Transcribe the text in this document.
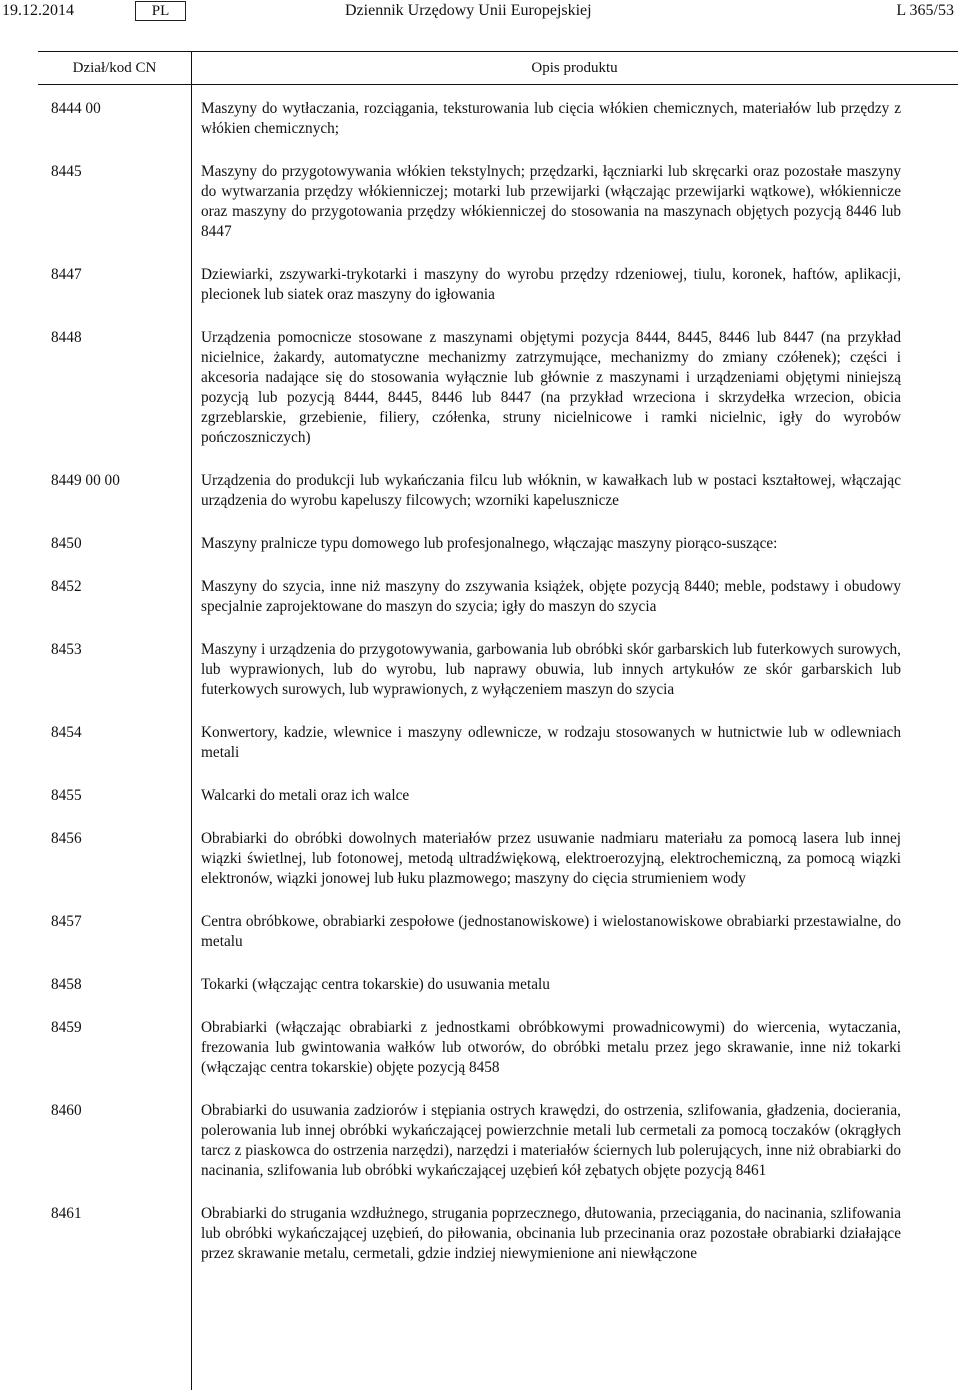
19.12.2014	PL	Dziennik Urzędowy Unii Europejskiej	L 365/53
Dział/kod CN	Opis produktu
8444 00	Maszyny do wytłaczania, rozciągania, teksturowania lub cięcia włókien chemicznych, materiałów lub przędzy z włókien chemicznych;
8445	Maszyny do przygotowywania włókien tekstylnych; przędzarki, łączniarki lub skręcarki oraz pozostałe maszyny do wytwarzania przędzy włókienniczej; motarki lub przewijarki (włączając przewijarki wątkowe), włókiennicze oraz maszyny do przygotowania przędzy włókienniczej do stosowania na maszynach objętych pozycją 8446 lub 8447
8447	Dziewiarki, zszywarki-trykotarki i maszyny do wyrobu przędzy rdzeniowej, tiulu, koronek, haftów, aplikacji, plecionek lub siatek oraz maszyny do igłowania
8448	Urządzenia pomocnicze stosowane z maszynami objętymi pozycja 8444, 8445, 8446 lub 8447 (na przykład nicielnice, żakardy, automatyczne mechanizmy zatrzymujące, mechanizmy do zmiany czółenek); części i akcesoria nadające się do stosowania wyłącznie lub głównie z maszynami i urządzeniami objętymi niniejszą pozycją lub pozycją 8444, 8445, 8446 lub 8447 (na przykład wrzeciona i skrzydełka wrzecion, obicia zgrzeblarskie, grzebienie, filiery, czółenka, struny nicielnicowe i ramki nicielnic, igły do wyrobów pończoszniczych)
8449 00 00	Urządzenia do produkcji lub wykańczania filcu lub włóknin, w kawałkach lub w postaci kształtowej, włączając urządzenia do wyrobu kapeluszy filcowych; wzorniki kapelusznicze
8450	Maszyny pralnicze typu domowego lub profesjonalnego, włączając maszyny piorąco-suszące:
8452	Maszyny do szycia, inne niż maszyny do zszywania książek, objęte pozycją 8440; meble, podstawy i obudowy specjalnie zaprojektowane do maszyn do szycia; igły do maszyn do szycia
8453	Maszyny i urządzenia do przygotowywania, garbowania lub obróbki skór garbarskich lub futerkowych surowych, lub wyprawionych, lub do wyrobu, lub naprawy obuwia, lub innych artykułów ze skór garbarskich lub futerkowych surowych, lub wyprawionych, z wyłączeniem maszyn do szycia
8454	Konwertory, kadzie, wlewnice i maszyny odlewnicze, w rodzaju stosowanych w hutnictwie lub w odlewniach metali
8455	Walcarki do metali oraz ich walce
8456	Obrabiarki do obróbki dowolnych materiałów przez usuwanie nadmiaru materiału za pomocą lasera lub innej wiązki świetlnej, lub fotonowej, metodą ultradźwiękową, elektroerozyjną, elektrochemiczną, za pomocą wiązki elektronów, wiązki jonowej lub łuku plazmowego; maszyny do cięcia strumieniem wody
8457	Centra obróbkowe, obrabiarki zespołowe (jednostanowiskowe) i wielostanowiskowe obrabiarki przestawialne, do metalu
8458	Tokarki (włączając centra tokarskie) do usuwania metalu
8459	Obrabiarki (włączając obrabiarki z jednostkami obróbkowymi prowadnicowymi) do wiercenia, wytaczania, frezowania lub gwintowania wałków lub otworów, do obróbki metalu przez jego skrawanie, inne niż tokarki (włączając centra tokarskie) objęte pozycją 8458
8460	Obrabiarki do usuwania zadziorów i stępiania ostrych krawędzi, do ostrzenia, szlifowania, gładzenia, docierania, polerowania lub innej obróbki wykańczającej powierzchnie metali lub cermetali za pomocą toczaków (okrągłych tarcz z piaskowca do ostrzenia narzędzi), narzędzi i materiałów ściernych lub polerujących, inne niż obrabiarki do nacinania, szlifowania lub obróbki wykańczającej uzębień kół zębatych objęte pozycją 8461
8461	Obrabiarki do strugania wzdłużnego, strugania poprzecznego, dłutowania, przeciągania, do nacinania, szlifowania lub obróbki wykańczającej uzębień, do piłowania, obcinania lub przecinania oraz pozostałe obrabiarki działające przez skrawanie metalu, cermetali, gdzie indziej niewymienione ani niewłączone
